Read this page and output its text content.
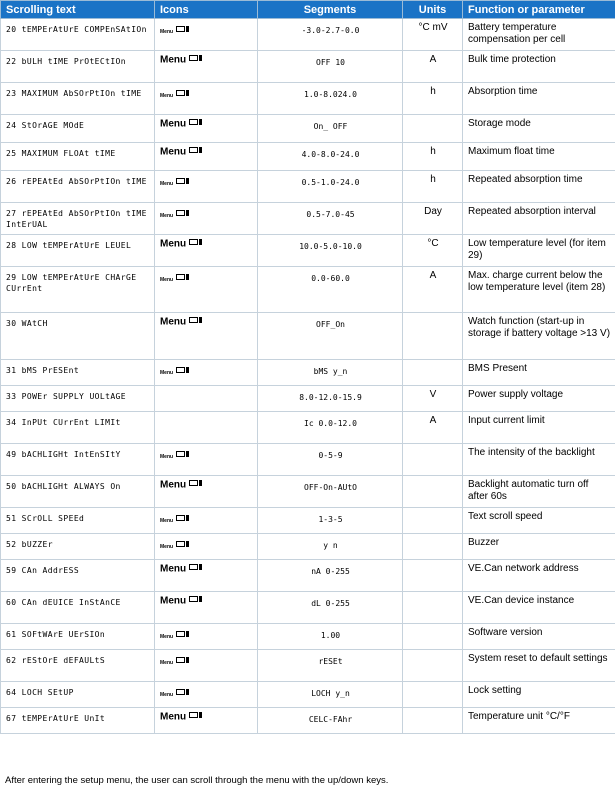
Scrolling text	Icons	Segments	Units	Function or parameter
20 tEMPErAtUrE COMPEnSAtIOn	Menu	-3.0-2.7-0.0	°C mV	Battery temperature compensation per cell
22 bULH tIME PrOtECtIOn	Menu	OFF 10	A	Bulk time protection
23 MAXIMUM AbSOrPtIOn tIME	Menu	1.0-8.024.0	h	Absorption time
24 StOrAGE MOdE	Menu	On_ OFF		Storage mode
25 MAXIMUM FLOAt tIME	Menu	4.0-8.0-24.0	h	Maximum float time
26 rEPEAtEd AbSOrPtIOn tIME	Menu	0.5-1.0-24.0	h	Repeated absorption time
27 rEPEAtEd AbSOrPtIOn tIME IntErUAL	Menu	0.5-7.0-45	Day	Repeated absorption interval
28 LOW tEMPErAtUrE LEUEL	Menu	10.0-5.0-10.0	°C	Low temperature level (for item 29)
29 LOW tEMPErAtUrE CHArGE CUrrEnt	Menu	0.0-60.0	A	Max. charge current below the low temperature level (item 28)
30 WAtCH	Menu	OFF_On		Watch function (start-up in storage if battery voltage >13 V)
31 bMS PrESEnt	Menu	bMS y_n		BMS Present
33 POWEr SUPPLY UOLtAGE		8.0-12.0-15.9	V	Power supply voltage
34 InPUt CUrrEnt LIMIt		Ic 0.0-12.0	A	Input current limit
49 bACHLIGHt IntEnSItY	Menu	0-5-9		The intensity of the backlight
50 bACHLIGHt ALWAYS On	Menu	OFF-On-AUtO		Backlight automatic turn off after 60s
51 SCrOLL SPEEd	Menu	1-3-5		Text scroll speed
52 bUZZEr	Menu	y n		Buzzer
59 CAn AddrESS	Menu	nA 0-255		VE.Can network address
60 CAn dEUICE InStAnCE	Menu	dL 0-255		VE.Can device instance
61 SOFtWArE UErSIOn	Menu	1.00		Software version
62 rEStOrE dEFAULtS	Menu	rESEt		System reset to default settings
64 LOCH SEtUP	Menu	LOCH y_n		Lock setting
67 tEMPErAtUrE UnIt	Menu	CELC-FAhr		Temperature unit °C/°F
After entering the setup menu, the user can scroll through the menu with the up/down keys.
